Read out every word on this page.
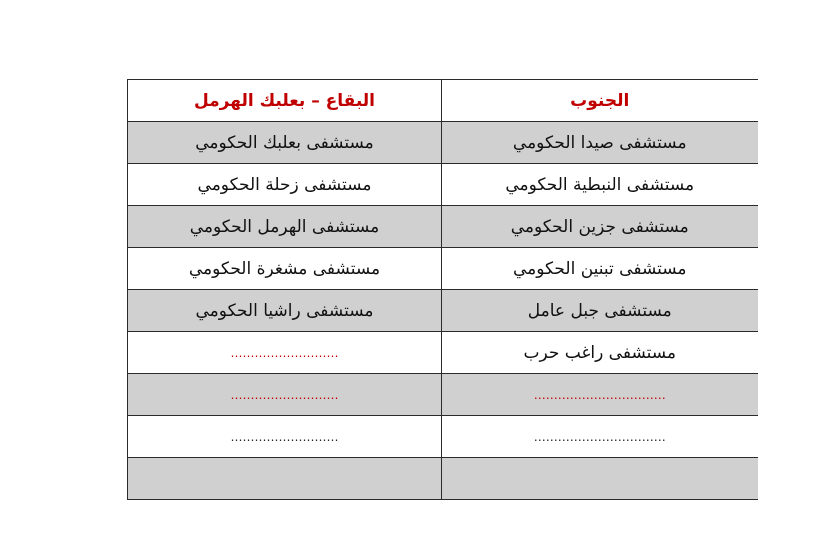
البقاع – بعلبك الهرمل	الجنوب
مستشفى بعلبك الحكومي	مستشفى صيدا الحكومي
مستشفى زحلة الحكومي	مستشفى النبطية الحكومي
مستشفى الهرمل الحكومي	مستشفى جزين الحكومي
مستشفى مشغرة الحكومي	مستشفى تبنين الحكومي
مستشفى راشيا الحكومي	مستشفى جبل عامل
………………………	مستشفى راغب حرب
………………………	……………………………
………………………	……………………………
